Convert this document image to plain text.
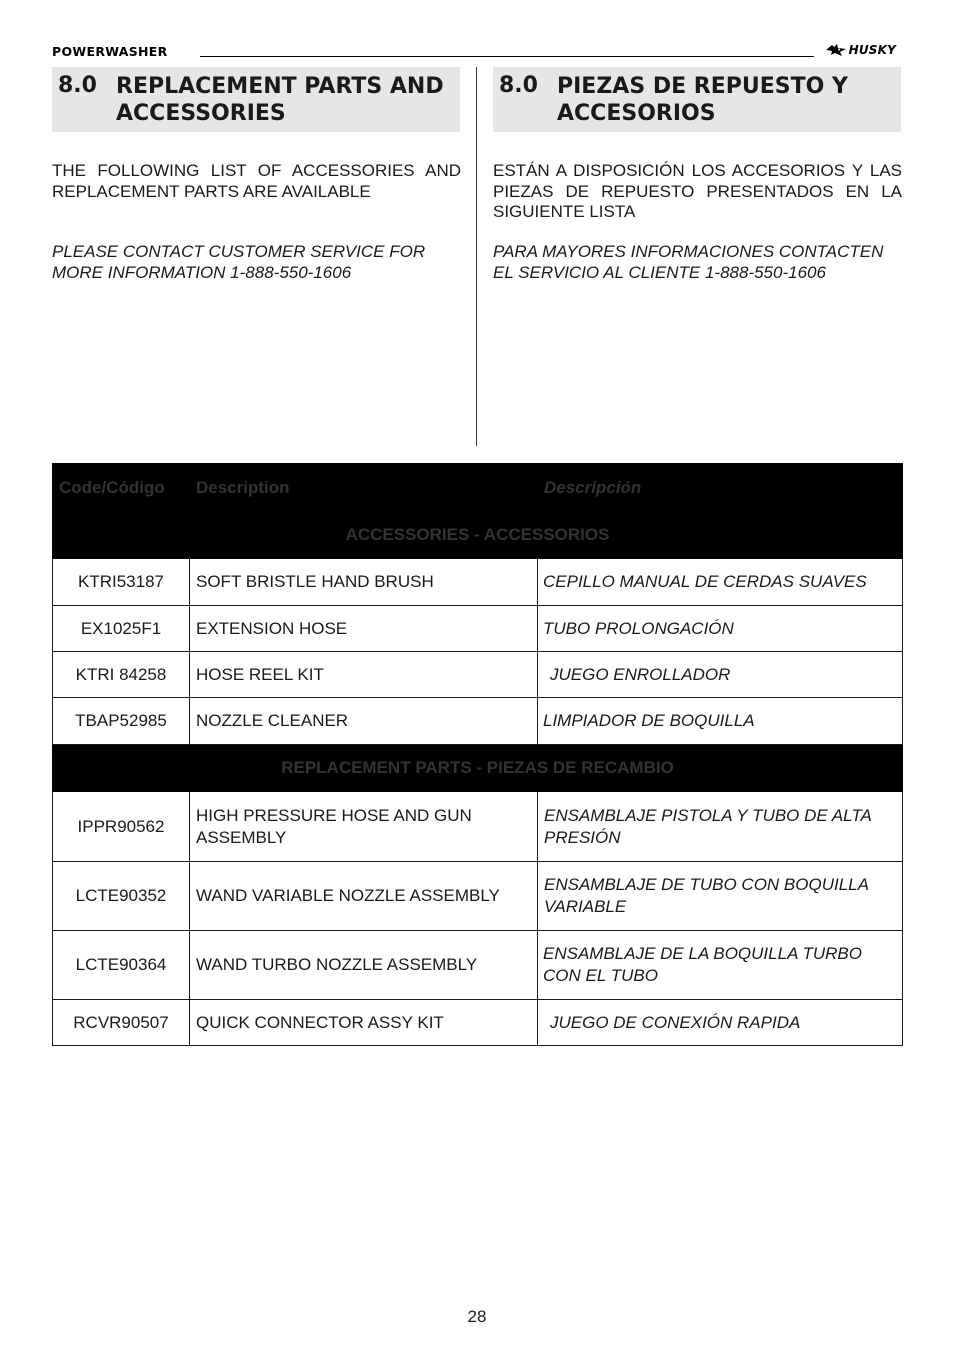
POWERWASHER	HUSKY
8.0 REPLACEMENT PARTS AND ACCESSORIES
8.0 PIEZAS DE REPUESTO Y ACCESORIOS
THE FOLLOWING LIST OF ACCESSORIES AND REPLACEMENT PARTS ARE AVAILABLE
PLEASE CONTACT CUSTOMER SERVICE FOR MORE INFORMATION 1-888-550-1606
ESTÁN A DISPOSICIÓN LOS ACCESORIOS Y LAS PIEZAS DE REPUESTO PRESENTADOS EN LA SIGUIENTE LISTA
PARA MAYORES INFORMACIONES CONTACTEN EL SERVICIO AL CLIENTE 1-888-550-1606
Code/Código	Description	Descripción
ACCESSORIES - ACCESSORIOS		
KTRI53187	SOFT BRISTLE HAND BRUSH	CEPILLO MANUAL DE CERDAS SUAVES
EX1025F1	EXTENSION HOSE	TUBO PROLONGACIÓN
KTRI 84258	HOSE REEL KIT	JUEGO ENROLLADOR
TBAP52985	NOZZLE CLEANER	LIMPIADOR DE BOQUILLA
REPLACEMENT PARTS - PIEZAS DE RECAMBIO		
IPPR90562	HIGH PRESSURE HOSE AND GUN ASSEMBLY	ENSAMBLAJE PISTOLA Y TUBO DE ALTA PRESIÓN
LCTE90352	WAND VARIABLE NOZZLE ASSEMBLY	ENSAMBLAJE DE TUBO CON BOQUILLA VARIABLE
LCTE90364	WAND TURBO NOZZLE ASSEMBLY	ENSAMBLAJE DE LA BOQUILLA TURBO CON EL TUBO
RCVR90507	QUICK CONNECTOR ASSY KIT	JUEGO DE CONEXIÓN RAPIDA
28
